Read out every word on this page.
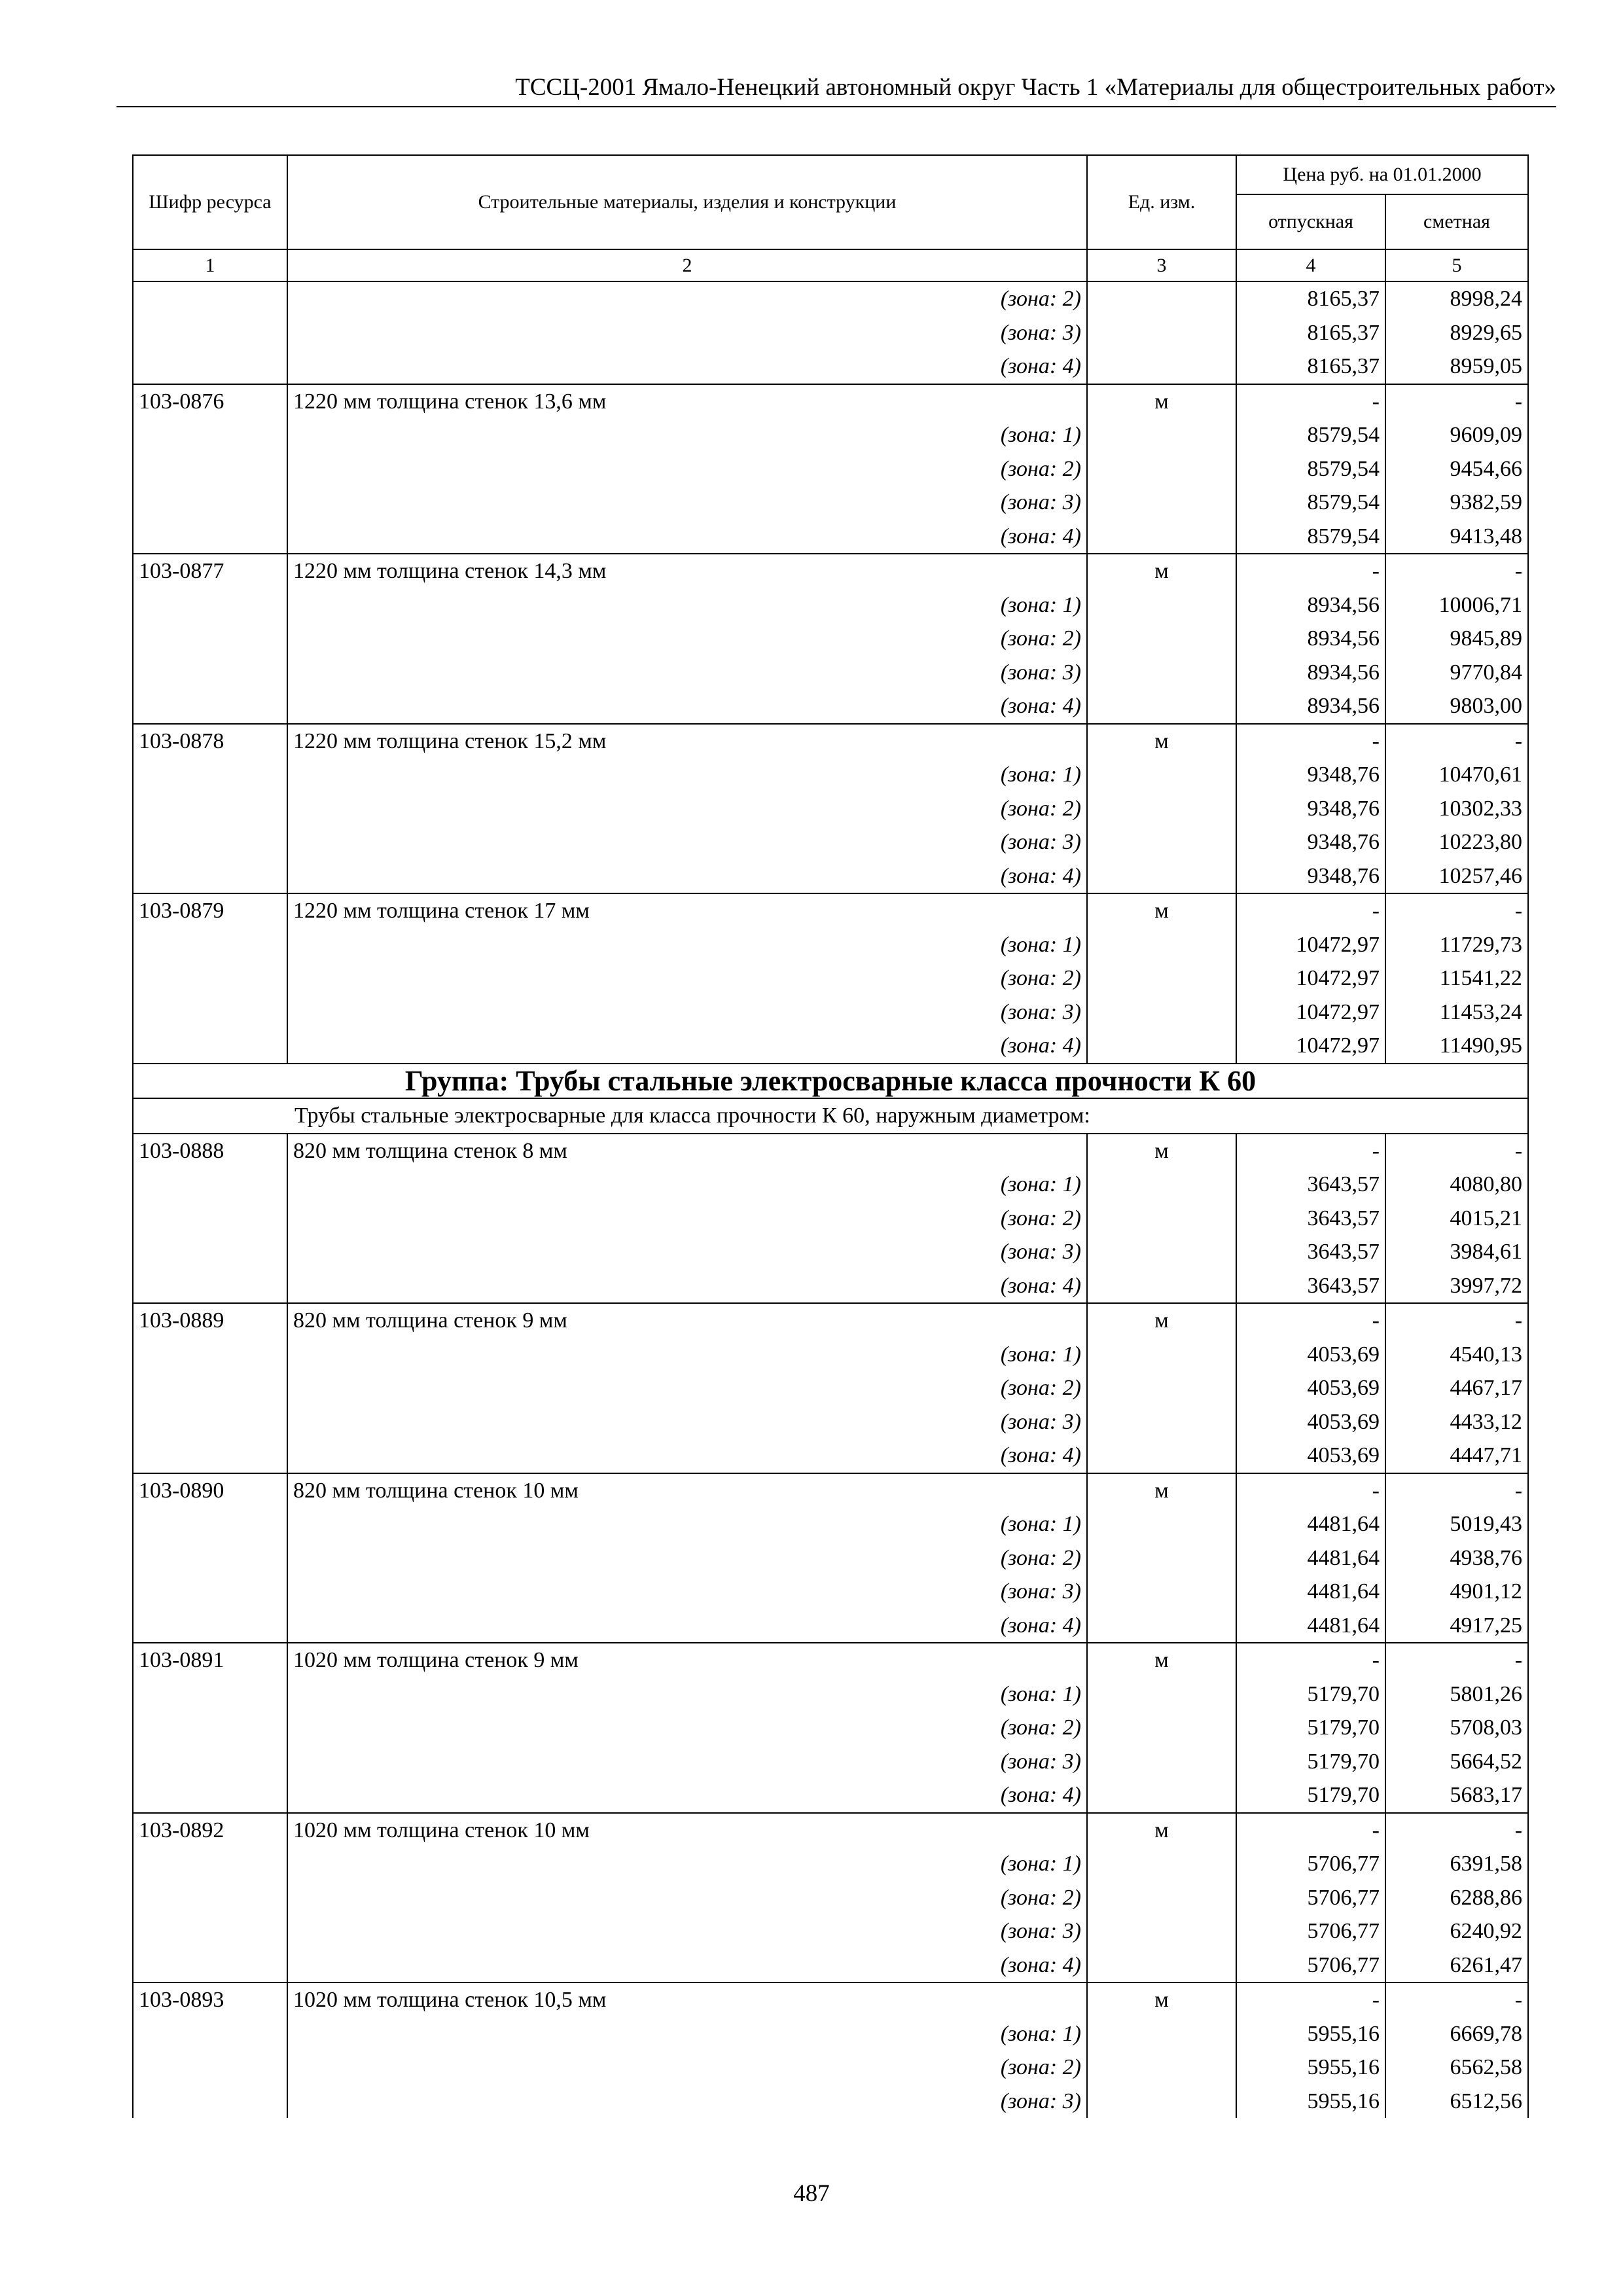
ТССЦ-2001 Ямало-Ненецкий автономный округ Часть 1 «Материалы для общестроительных работ»
Шифр ресурса	Строительные материалы, изделия и конструкции	Ед. изм.	Цена руб. на 01.01.2000	
			отпускная	сметная
1	2	3	4	5
	(зона: 2)		8165,37	8998,24
	(зона: 3)		8165,37	8929,65
	(зона: 4)		8165,37	8959,05
103-0876	1220 мм толщина стенок 13,6 мм	м	-	-
	(зона: 1)		8579,54	9609,09
	(зона: 2)		8579,54	9454,66
	(зона: 3)		8579,54	9382,59
	(зона: 4)		8579,54	9413,48
103-0877	1220 мм толщина стенок 14,3 мм	м	-	-
	(зона: 1)		8934,56	10006,71
	(зона: 2)		8934,56	9845,89
	(зона: 3)		8934,56	9770,84
	(зона: 4)		8934,56	9803,00
103-0878	1220 мм толщина стенок 15,2 мм	м	-	-
	(зона: 1)		9348,76	10470,61
	(зона: 2)		9348,76	10302,33
	(зона: 3)		9348,76	10223,80
	(зона: 4)		9348,76	10257,46
103-0879	1220 мм толщина стенок 17 мм	м	-	-
	(зона: 1)		10472,97	11729,73
	(зона: 2)		10472,97	11541,22
	(зона: 3)		10472,97	11453,24
	(зона: 4)		10472,97	11490,95
Группа: Трубы стальные электросварные класса прочности К 60				
Трубы стальные электросварные для класса прочности К 60, наружным диаметром:				
103-0888	820 мм толщина стенок 8 мм	м	-	-
	(зона: 1)		3643,57	4080,80
	(зона: 2)		3643,57	4015,21
	(зона: 3)		3643,57	3984,61
	(зона: 4)		3643,57	3997,72
103-0889	820 мм толщина стенок 9 мм	м	-	-
	(зона: 1)		4053,69	4540,13
	(зона: 2)		4053,69	4467,17
	(зона: 3)		4053,69	4433,12
	(зона: 4)		4053,69	4447,71
103-0890	820 мм толщина стенок 10 мм	м	-	-
	(зона: 1)		4481,64	5019,43
	(зона: 2)		4481,64	4938,76
	(зона: 3)		4481,64	4901,12
	(зона: 4)		4481,64	4917,25
103-0891	1020 мм толщина стенок 9 мм	м	-	-
	(зона: 1)		5179,70	5801,26
	(зона: 2)		5179,70	5708,03
	(зона: 3)		5179,70	5664,52
	(зона: 4)		5179,70	5683,17
103-0892	1020 мм толщина стенок 10 мм	м	-	-
	(зона: 1)		5706,77	6391,58
	(зона: 2)		5706,77	6288,86
	(зона: 3)		5706,77	6240,92
	(зона: 4)		5706,77	6261,47
103-0893	1020 мм толщина стенок 10,5 мм	м	-	-
	(зона: 1)		5955,16	6669,78
	(зона: 2)		5955,16	6562,58
	(зона: 3)		5955,16	6512,56
487
